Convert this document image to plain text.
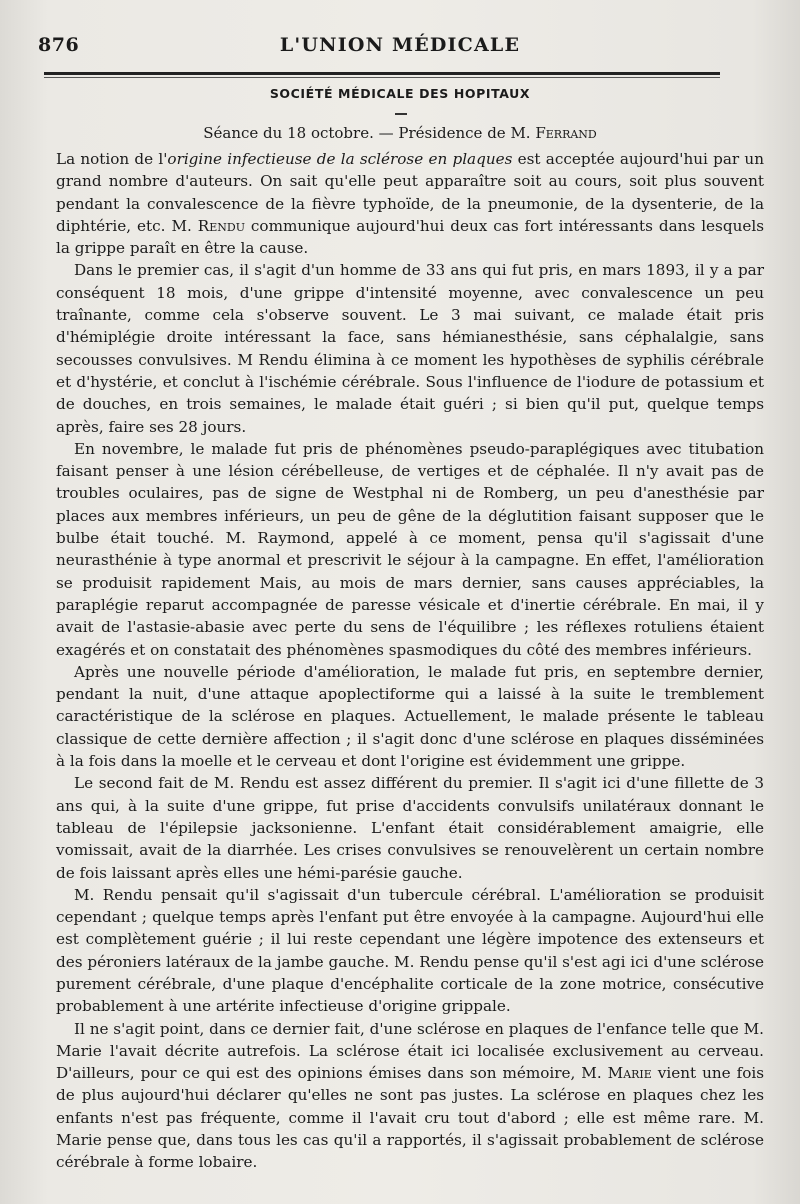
876	L'UNION MÉDICALE
SOCIÉTÉ MÉDICALE DES HOPITAUX
Séance du 18 octobre. — Présidence de M. Ferrand

La notion de l'origine infectieuse de la sclérose en plaques est acceptée aujourd'hui par un grand nombre d'auteurs. On sait qu'elle peut apparaître soit au cours, soit plus souvent pendant la convalescence de la fièvre typhoïde, de la pneumonie, de la dysenterie, de la diphtérie, etc. M. Rendu communique aujourd'hui deux cas fort intéressants dans lesquels la grippe paraît en être la cause.

Dans le premier cas, il s'agit d'un homme de 33 ans qui fut pris, en mars 1893, il y a par conséquent 18 mois, d'une grippe d'intensité moyenne, avec convalescence un peu traînante, comme cela s'observe souvent. Le 3 mai suivant, ce malade était pris d'hémiplégie droite intéressant la face, sans hémianesthésie, sans céphalalgie, sans secousses convulsives. M Rendu élimina à ce moment les hypothèses de syphilis cérébrale et d'hystérie, et conclut à l'ischémie cérébrale. Sous l'influence de l'iodure de potassium et de douches, en trois semaines, le malade était guéri ; si bien qu'il put, quelque temps après, faire ses 28 jours.

En novembre, le malade fut pris de phénomènes pseudo-paraplégiques avec titubation faisant penser à une lésion cérébelleuse, de vertiges et de céphalée. Il n'y avait pas de troubles oculaires, pas de signe de Westphal ni de Romberg, un peu d'anesthésie par places aux membres inférieurs, un peu de gêne de la déglutition faisant supposer que le bulbe était touché. M. Raymond, appelé à ce moment, pensa qu'il s'agissait d'une neurasthénie à type anormal et prescrivit le séjour à la campagne. En effet, l'amélioration se produisit rapidement Mais, au mois de mars dernier, sans causes appréciables, la paraplégie reparut accompagnée de paresse vésicale et d'inertie cérébrale. En mai, il y avait de l'astasie-abasie avec perte du sens de l'équilibre ; les réflexes rotuliens étaient exagérés et on constatait des phénomènes spasmodiques du côté des membres inférieurs.

Après une nouvelle période d'amélioration, le malade fut pris, en septembre dernier, pendant la nuit, d'une attaque apoplectiforme qui a laissé à la suite le tremblement caractéristique de la sclérose en plaques. Actuellement, le malade présente le tableau classique de cette dernière affection ; il s'agit donc d'une sclérose en plaques disséminées à la fois dans la moelle et le cerveau et dont l'origine est évidemment une grippe.

Le second fait de M. Rendu est assez différent du premier. Il s'agit ici d'une fillette de 3 ans qui, à la suite d'une grippe, fut prise d'accidents convulsifs unilatéraux donnant le tableau de l'épilepsie jacksonienne. L'enfant était considérablement amaigrie, elle vomissait, avait de la diarrhée. Les crises convulsives se renouvelèrent un certain nombre de fois laissant après elles une hémi-parésie gauche.

M. Rendu pensait qu'il s'agissait d'un tubercule cérébral. L'amélioration se produisit cependant ; quelque temps après l'enfant put être envoyée à la campagne. Aujourd'hui elle est complètement guérie ; il lui reste cependant une légère impotence des extenseurs et des péroniers latéraux de la jambe gauche. M. Rendu pense qu'il s'est agi ici d'une sclérose purement cérébrale, d'une plaque d'encéphalite corticale de la zone motrice, consécutive probablement à une artérite infectieuse d'origine grippale.

Il ne s'agit point, dans ce dernier fait, d'une sclérose en plaques de l'enfance telle que M. Marie l'avait décrite autrefois. La sclérose était ici localisée exclusivement au cerveau. D'ailleurs, pour ce qui est des opinions émises dans son mémoire, M. Marie vient une fois de plus aujourd'hui déclarer qu'elles ne sont pas justes. La sclérose en plaques chez les enfants n'est pas fréquente, comme il l'avait cru tout d'abord ; elle est même rare. M. Marie pense que, dans tous les cas qu'il a rapportés, il s'agissait probablement de sclérose cérébrale à forme lobaire.
